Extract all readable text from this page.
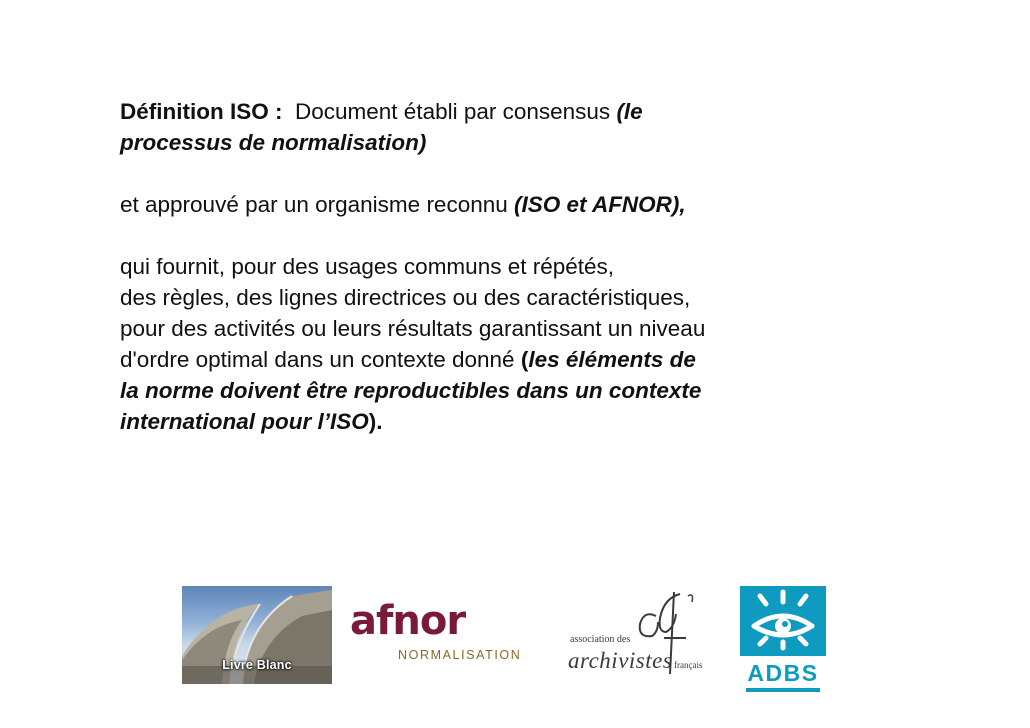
Définition ISO :  Document établi par consensus (le

processus de normalisation)

et approuvé par un organisme reconnu (ISO et AFNOR),

qui fournit, pour des usages communs et répétés,

des règles, des lignes directrices ou des caractéristiques,

pour des activités ou leurs résultats garantissant un niveau

d'ordre optimal dans un contexte donné (les éléments de

la norme doivent être reproductibles dans un contexte

international pour l’ISO).

Livre Blanc
afnor
NORMALISATION
association des
archivistes français	ADBS
